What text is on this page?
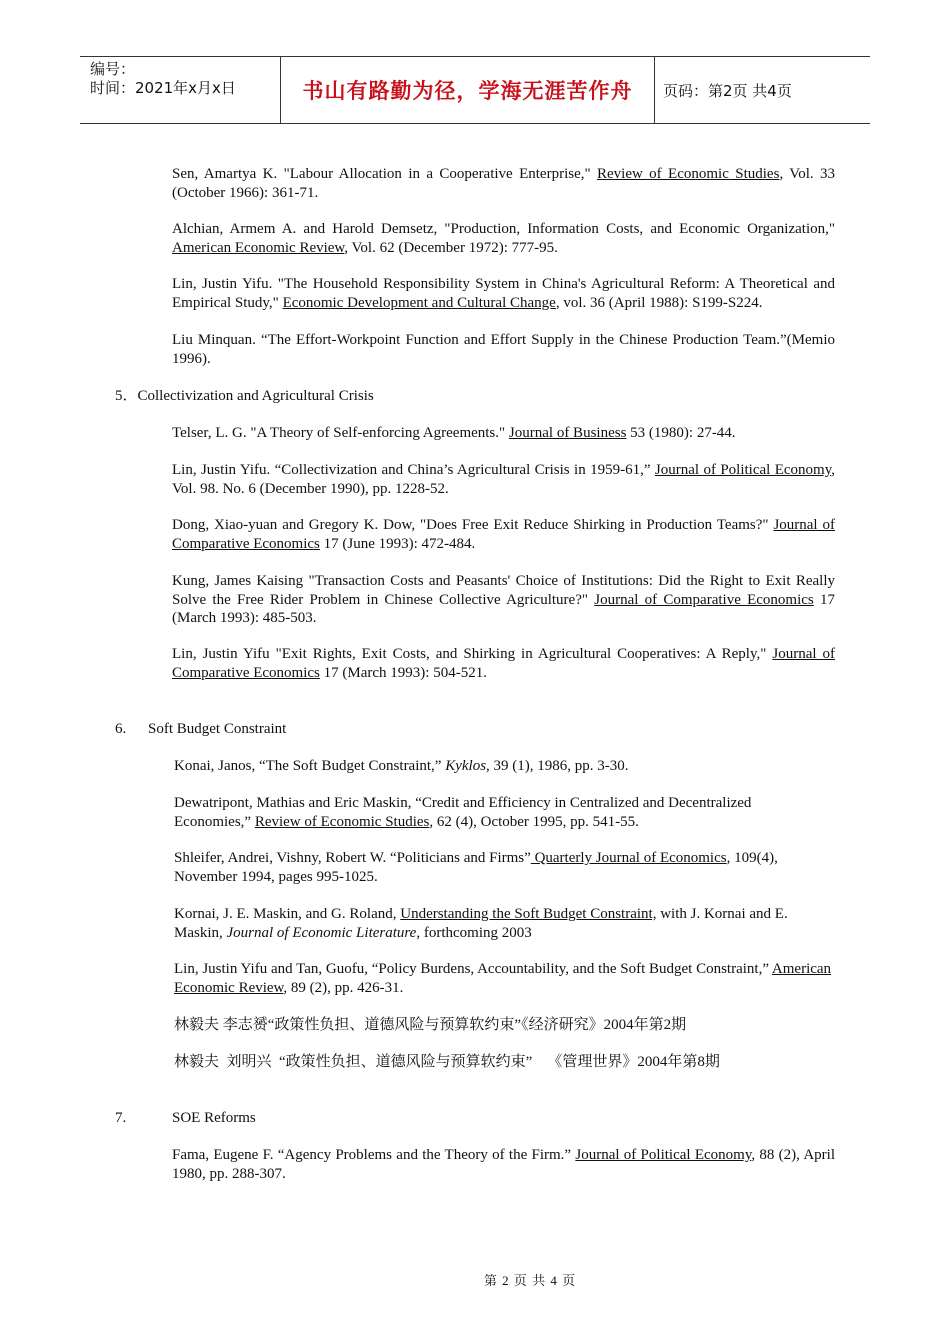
编号：
时间：2021年x月x日	书山有路勤为径，学海无涯苦作舟	页码：第2页 共4页

Sen, Amartya K. "Labour Allocation in a Cooperative Enterprise," Review of Economic Studies, Vol. 33 (October 1966): 361-71.

Alchian, Armem A. and Harold Demsetz, "Production, Information Costs, and Economic Organization," American Economic Review, Vol. 62 (December 1972): 777-95.

Lin, Justin Yifu. "The Household Responsibility System in China's Agricultural Reform: A Theoretical and Empirical Study," Economic Development and Cultural Change, vol. 36 (April 1988): S199-S224.

Liu Minquan. “The Effort-Workpoint Function and Effort Supply in the Chinese Production Team.”(Memio 1996).

5．Collectivization and Agricultural Crisis

Telser, L. G. "A Theory of Self-enforcing Agreements." Journal of Business 53 (1980): 27-44.

Lin, Justin Yifu. “Collectivization and China’s Agricultural Crisis in 1959-61,” Journal of Political Economy, Vol. 98. No. 6 (December 1990), pp. 1228-52.

Dong, Xiao-yuan and Gregory K. Dow, "Does Free Exit Reduce Shirking in Production Teams?" Journal of Comparative Economics 17 (June 1993): 472-484.

Kung, James Kaising "Transaction Costs and Peasants' Choice of Institutions: Did the Right to Exit Really Solve the Free Rider Problem in Chinese Collective Agriculture?" Journal of Comparative Economics 17 (March 1993): 485-503.

Lin, Justin Yifu "Exit Rights, Exit Costs, and Shirking in Agricultural Cooperatives: A Reply," Journal of Comparative Economics 17 (March 1993): 504-521.

6. Soft Budget Constraint

Konai, Janos, “The Soft Budget Constraint,” Kyklos, 39 (1), 1986, pp. 3-30.

Dewatripont, Mathias and Eric Maskin, “Credit and Efficiency in Centralized and Decentralized Economies,” Review of Economic Studies, 62 (4), October 1995, pp. 541-55.

Shleifer, Andrei, Vishny, Robert W. “Politicians and Firms” Quarterly Journal of Economics, 109(4), November 1994, pages 995-1025.

Kornai, J. E. Maskin, and G. Roland, Understanding the Soft Budget Constraint, with J. Kornai and E. Maskin, Journal of Economic Literature, forthcoming 2003

Lin, Justin Yifu and Tan, Guofu, “Policy Burdens, Accountability, and the Soft Budget Constraint,” American Economic Review, 89 (2), pp. 426-31.

林毅夫 李志赟“政策性负担、道德风险与预算软约束”《经济研究》2004年第2期

林毅夫  刘明兴  “政策性负担、道德风险与预算软约束”    《管理世界》2004年第8期

7.	SOE Reforms

Fama, Eugene F. “Agency Problems and the Theory of the Firm.” Journal of Political Economy, 88 (2), April 1980, pp. 288-307.

第 2 页 共 4 页
